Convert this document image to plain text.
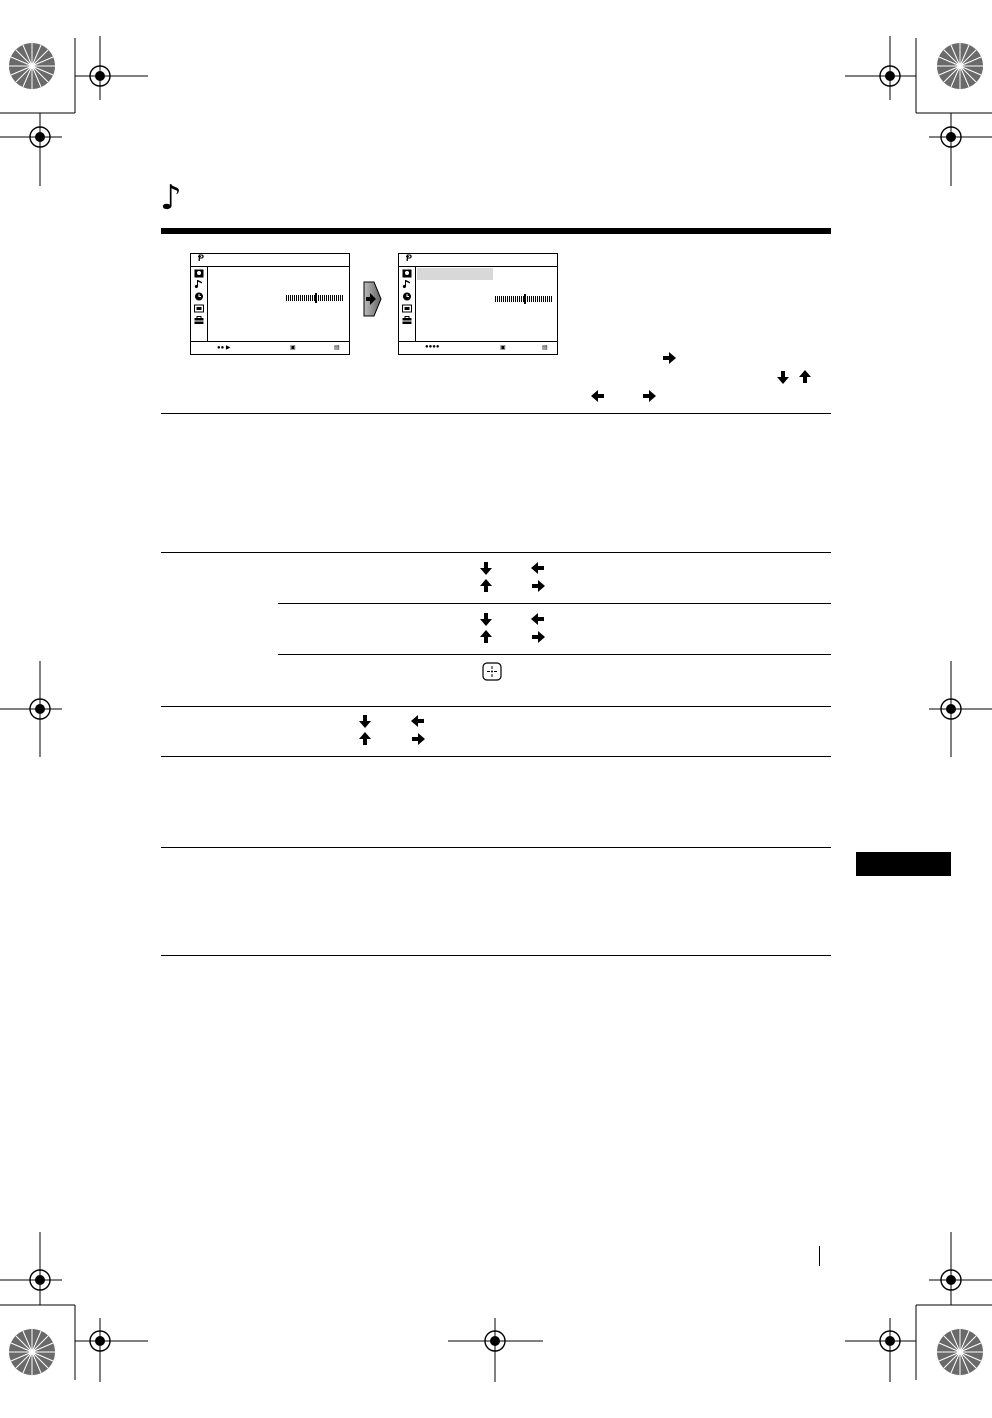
♪
Ᵽ
●● ▶	▣	▤
Ᵽ
●●●●	▣	▤
